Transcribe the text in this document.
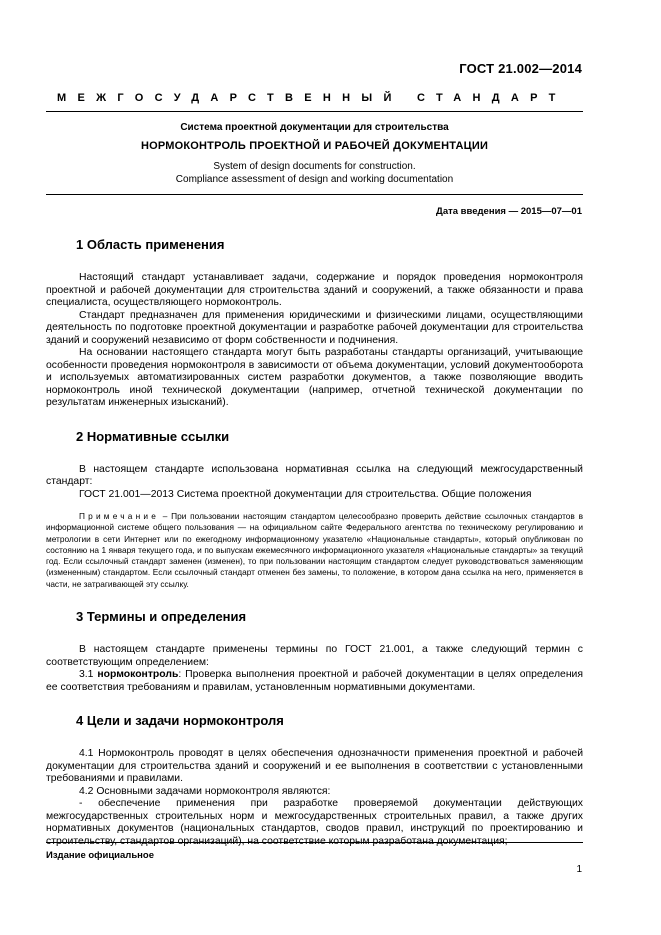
ГОСТ 21.002—2014
МЕЖГОСУДАРСТВЕННЫЙ СТАНДАРТ
Система проектной документации для строительства
НОРМОКОНТРОЛЬ ПРОЕКТНОЙ И РАБОЧЕЙ ДОКУМЕНТАЦИИ
System of design documents for construction.
Compliance assessment of design and working documentation
Дата введения — 2015—07—01
1 Область применения

Настоящий стандарт устанавливает задачи, содержание и порядок проведения нормоконтроля проектной и рабочей документации для строительства зданий и сооружений, а также обязанности и права специалиста, осуществляющего нормоконтроль.

Стандарт предназначен для применения юридическими и физическими лицами, осуществляющими деятельность по подготовке проектной документации и разработке рабочей документации для строительства зданий и сооружений независимо от форм собственности и подчинения.

На основании настоящего стандарта могут быть разработаны стандарты организаций, учитывающие особенности проведения нормоконтроля в зависимости от объема документации, условий документооборота и используемых автоматизированных систем разработки документов, а также позволяющие вводить нормоконтроль иной технической документации (например, отчетной технической документации по результатам инженерных изысканий).

2 Нормативные ссылки

В настоящем стандарте использована нормативная ссылка на следующий межгосударственный стандарт:

ГОСТ 21.001—2013 Система проектной документации для строительства. Общие положения

Примечание – При пользовании настоящим стандартом целесообразно проверить действие ссылочных стандартов в информационной системе общего пользования — на официальном сайте Федерального агентства по техническому регулированию и метрологии в сети Интернет или по ежегодному информационному указателю «Национальные стандарты», который опубликован по состоянию на 1 января текущего года, и по выпускам ежемесячного информационного указателя «Национальные стандарты» за текущий год. Если ссылочный стандарт заменен (изменен), то при пользовании настоящим стандартом следует руководствоваться заменяющим (измененным) стандартом. Если ссылочный стандарт отменен без замены, то положение, в котором дана ссылка на него, применяется в части, не затрагивающей эту ссылку.
3 Термины и определения

В настоящем стандарте применены термины по ГОСТ 21.001, а также следующий термин с соответствующим определением:

3.1 нормоконтроль: Проверка выполнения проектной и рабочей документации в целях определения ее соответствия требованиям и правилам, установленным нормативными документами.

4 Цели и задачи нормоконтроля

4.1 Нормоконтроль проводят в целях обеспечения однозначности применения проектной и рабочей документации для строительства зданий и сооружений и ее выполнения в соответствии с установленными требованиями и правилами.

4.2 Основными задачами нормоконтроля являются:

- обеспечение применения при разработке проверяемой документации действующих межгосударственных строительных норм и межгосударственных строительных правил, а также других нормативных документов (национальных стандартов, сводов правил, инструкций по проектированию и строительству, стандартов организаций), на соответствие которым разработана документация;

Издание официальное
1
